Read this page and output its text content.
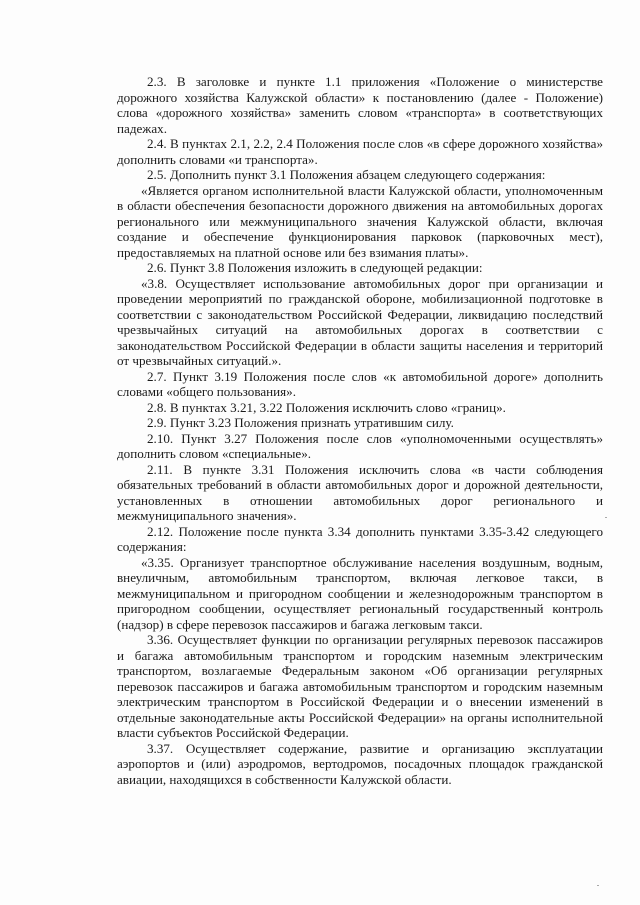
2.3. В заголовке и пункте 1.1 приложения «Положение о министерстве дорожного хозяйства Калужской области» к постановлению (далее - Положение) слова «дорожного хозяйства» заменить словом «транспорта» в соответствующих падежах.

2.4. В пунктах 2.1, 2.2, 2.4 Положения после слов «в сфере дорожного хозяйства» дополнить словами «и транспорта».

2.5. Дополнить пункт 3.1 Положения абзацем следующего содержания:

«Является органом исполнительной власти Калужской области, уполномоченным в области обеспечения безопасности дорожного движения на автомобильных дорогах регионального или межмуниципального значения Калужской области, включая создание и обеспечение функционирования парковок (парковочных мест), предоставляемых на платной основе или без взимания платы».

2.6. Пункт 3.8 Положения изложить в следующей редакции:

«3.8. Осуществляет использование автомобильных дорог при организации и проведении мероприятий по гражданской обороне, мобилизационной подготовке в соответствии с законодательством Российской Федерации, ликвидацию последствий чрезвычайных ситуаций на автомобильных дорогах в соответствии с законодательством Российской Федерации в области защиты населения и территорий от чрезвычайных ситуаций.».

2.7. Пункт 3.19 Положения после слов «к автомобильной дороге» дополнить словами «общего пользования».

2.8. В пунктах 3.21, 3.22 Положения исключить слово «границ».

2.9. Пункт 3.23 Положения признать утратившим силу.

2.10. Пункт 3.27 Положения после слов «уполномоченными осуществлять» дополнить словом «специальные».

2.11. В пункте 3.31 Положения исключить слова «в части соблюдения обязательных требований в области автомобильных дорог и дорожной деятельности, установленных в отношении автомобильных дорог регионального и межмуниципального значения».

2.12. Положение после пункта 3.34 дополнить пунктами 3.35-3.42 следующего содержания:

«3.35. Организует транспортное обслуживание населения воздушным, водным, внеуличным, автомобильным транспортом, включая легковое такси, в межмуниципальном и пригородном сообщении и железнодорожным транспортом в пригородном сообщении, осуществляет региональный государственный контроль (надзор) в сфере перевозок пассажиров и багажа легковым такси.

3.36. Осуществляет функции по организации регулярных перевозок пассажиров и багажа автомобильным транспортом и городским наземным электрическим транспортом, возлагаемые Федеральным законом «Об организации регулярных перевозок пассажиров и багажа автомобильным транспортом и городским наземным электрическим транспортом в Российской Федерации и о внесении изменений в отдельные законодательные акты Российской Федерации» на органы исполнительной власти субъектов Российской Федерации.

3.37. Осуществляет содержание, развитие и организацию эксплуатации аэропортов и (или) аэродромов, вертодромов, посадочных площадок гражданской авиации, находящихся в собственности Калужской области.
